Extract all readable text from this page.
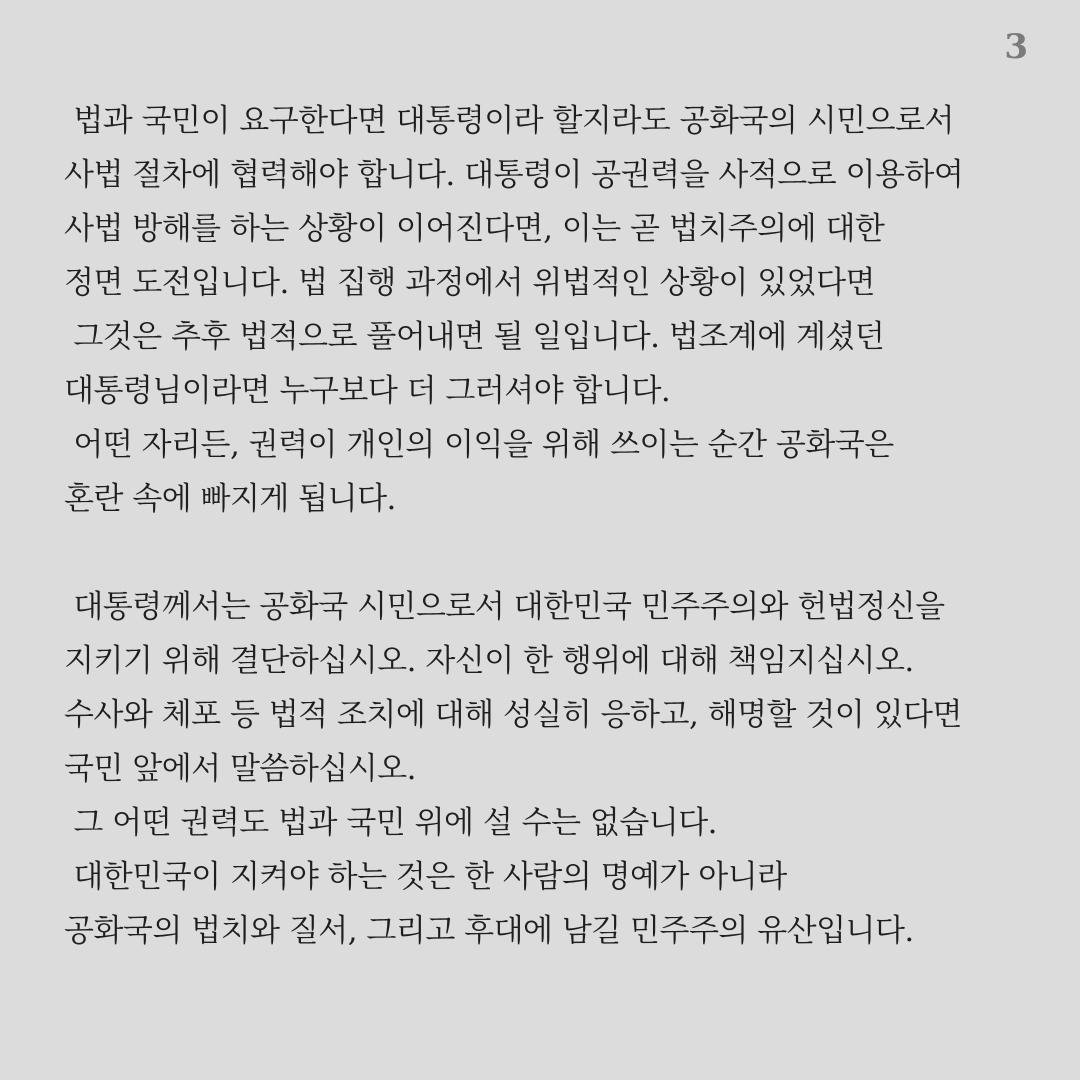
3
법과 국민이 요구한다면 대통령이라 할지라도 공화국의 시민으로서
사법 절차에 협력해야 합니다. 대통령이 공권력을 사적으로 이용하여
사법 방해를 하는 상황이 이어진다면, 이는 곧 법치주의에 대한
정면 도전입니다. 법 집행 과정에서 위법적인 상황이 있었다면
그것은 추후 법적으로 풀어내면 될 일입니다. 법조계에 계셨던
대통령님이라면 누구보다 더 그러셔야 합니다.
어떤 자리든, 권력이 개인의 이익을 위해 쓰이는 순간 공화국은
혼란 속에 빠지게 됩니다.
대통령께서는 공화국 시민으로서 대한민국 민주주의와 헌법정신을
지키기 위해 결단하십시오. 자신이 한 행위에 대해 책임지십시오.
수사와 체포 등 법적 조치에 대해 성실히 응하고, 해명할 것이 있다면
국민 앞에서 말씀하십시오.
그 어떤 권력도 법과 국민 위에 설 수는 없습니다.
대한민국이 지켜야 하는 것은 한 사람의 명예가 아니라
공화국의 법치와 질서, 그리고 후대에 남길 민주주의 유산입니다.
